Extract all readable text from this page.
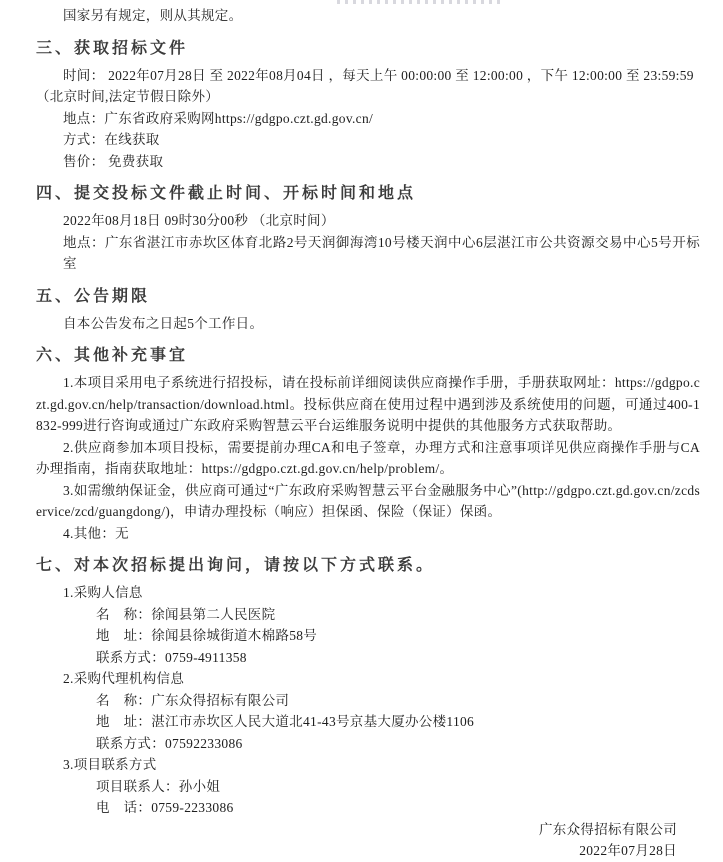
国家另有规定，则从其规定。
三、获取招标文件
时间： 2022年07月28日 至 2022年08月04日 ，每天上午 00:00:00 至 12:00:00 ，下午 12:00:00 至 23:59:59
（北京时间,法定节假日除外）
地点：广东省政府采购网https://gdgpo.czt.gd.gov.cn/
方式：在线获取
售价： 免费获取
四、提交投标文件截止时间、开标时间和地点
2022年08月18日 09时30分00秒 （北京时间）
地点：广东省湛江市赤坎区体育北路2号天润御海湾10号楼天润中心6层湛江市公共资源交易中心5号开标室
五、公告期限
自本公告发布之日起5个工作日。
六、其他补充事宜
1.本项目采用电子系统进行招投标，请在投标前详细阅读供应商操作手册，手册获取网址：https://gdgpo.czt.gd.gov.cn/help/transaction/download.html。投标供应商在使用过程中遇到涉及系统使用的问题，可通过400-1832-999进行咨询或通过广东政府采购智慧云平台运维服务说明中提供的其他服务方式获取帮助。
2.供应商参加本项目投标，需要提前办理CA和电子签章，办理方式和注意事项详见供应商操作手册与CA办理指南，指南获取地址：https://gdgpo.czt.gd.gov.cn/help/problem/。
3.如需缴纳保证金，供应商可通过“广东政府采购智慧云平台金融服务中心”(http://gdgpo.czt.gd.gov.cn/zcdservice/zcd/guangdong/)，申请办理投标（响应）担保函、保险（保证）保函。
4.其他：无
七、对本次招标提出询问，请按以下方式联系。
1.采购人信息
名　称：徐闻县第二人民医院
地　址：徐闻县徐城街道木棉路58号
联系方式：0759-4911358
2.采购代理机构信息
名　称：广东众得招标有限公司
地　址：湛江市赤坎区人民大道北41-43号京基大厦办公楼1106
联系方式：07592233086
3.项目联系方式
项目联系人：孙小姐
电　话：0759-2233086
广东众得招标有限公司
2022年07月28日
